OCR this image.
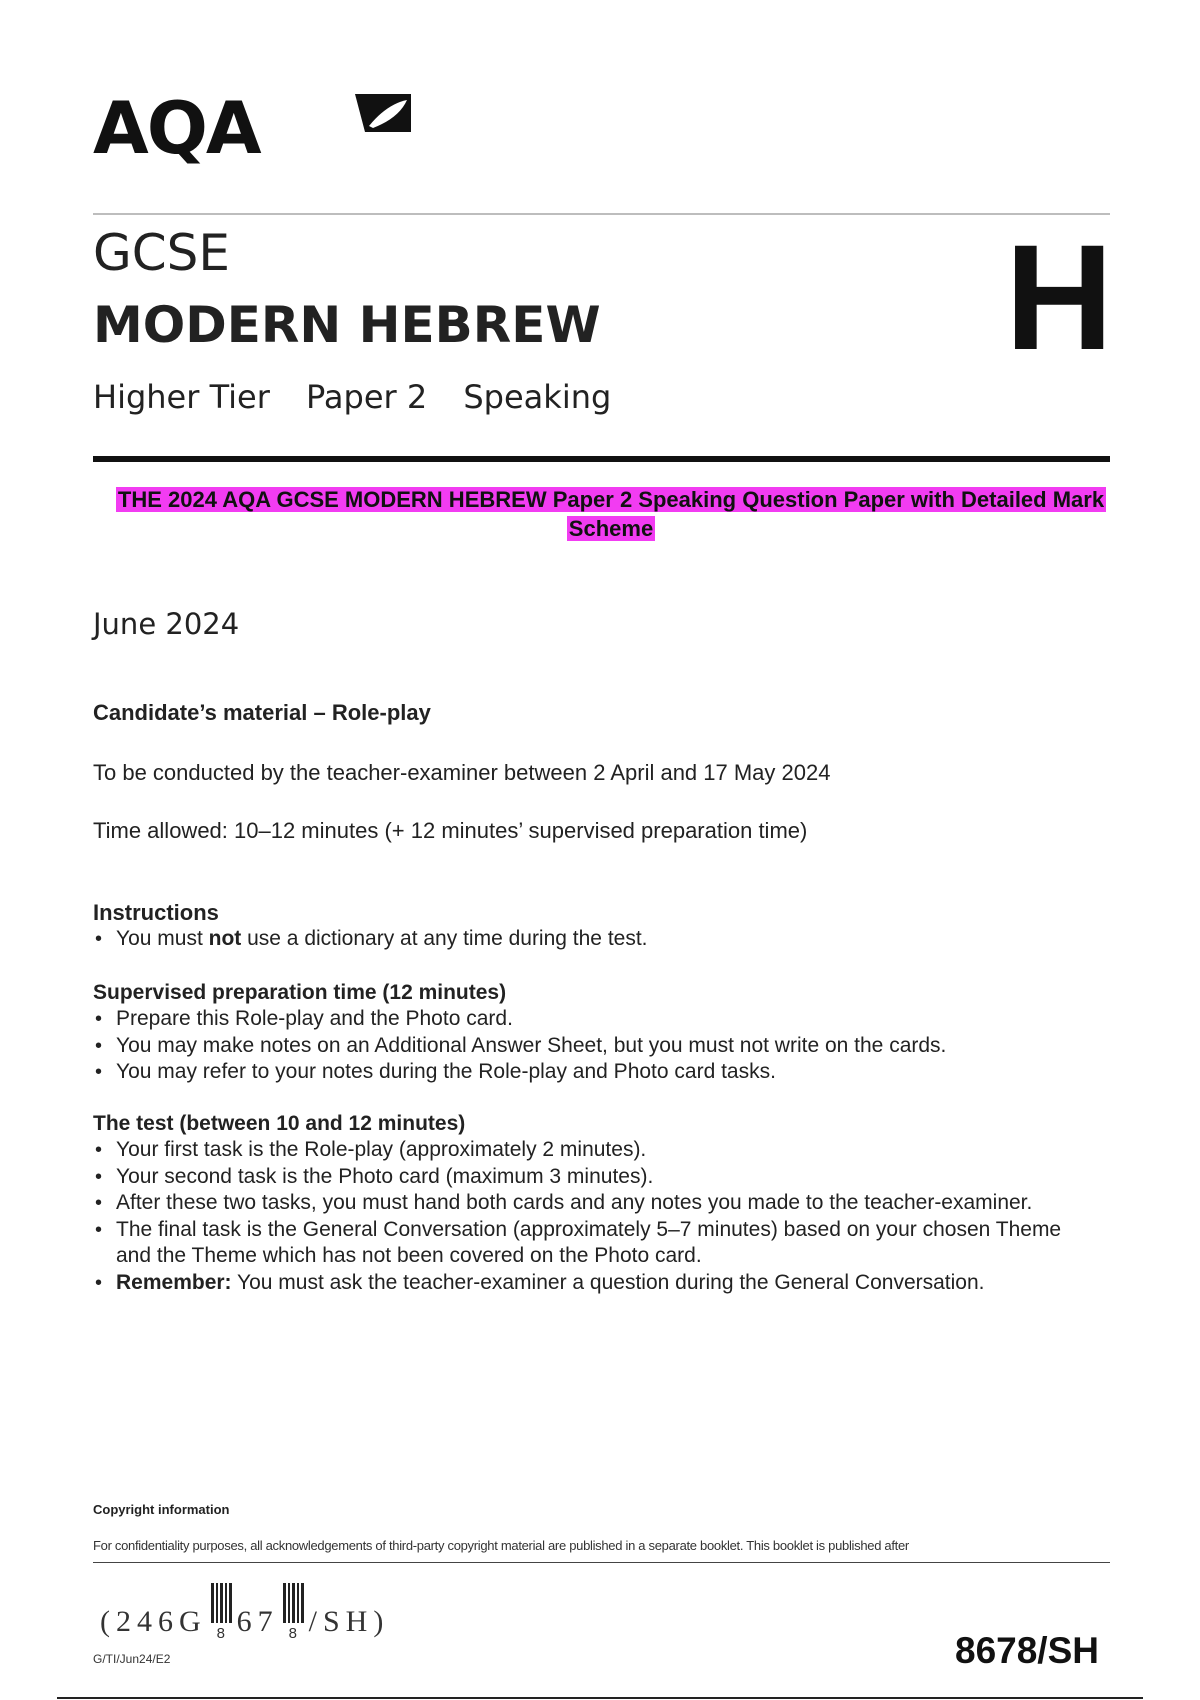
AQA
GCSE
MODERN HEBREW
Higher Tier Paper 2 Speaking
H
THE 2024 AQA GCSE MODERN HEBREW Paper 2 Speaking Question Paper with Detailed Mark Scheme
June 2024
Candidate’s material – Role-play
To be conducted by the teacher-examiner between 2 April and 17 May 2024
Time allowed: 10–12 minutes (+ 12 minutes’ supervised preparation time)
Instructions
• You must not use a dictionary at any time during the test.
Supervised preparation time (12 minutes)
• Prepare this Role-play and the Photo card.
• You may make notes on an Additional Answer Sheet, but you must not write on the cards.
• You may refer to your notes during the Role-play and Photo card tasks.
The test (between 10 and 12 minutes)
• Your first task is the Role-play (approximately 2 minutes).
• Your second task is the Photo card (maximum 3 minutes).
• After these two tasks, you must hand both cards and any notes you made to the teacher-examiner.
• The final task is the General Conversation (approximately 5–7 minutes) based on your chosen Theme and the Theme which has not been covered on the Photo card.
• Remember: You must ask the teacher-examiner a question during the General Conversation.
Copyright information
For confidentiality purposes, all acknowledgements of third-party copyright material are published in a separate booklet. This booklet is published after
(246G 8 67 8 /SH)
G/TI/Jun24/E2	8678/SH
